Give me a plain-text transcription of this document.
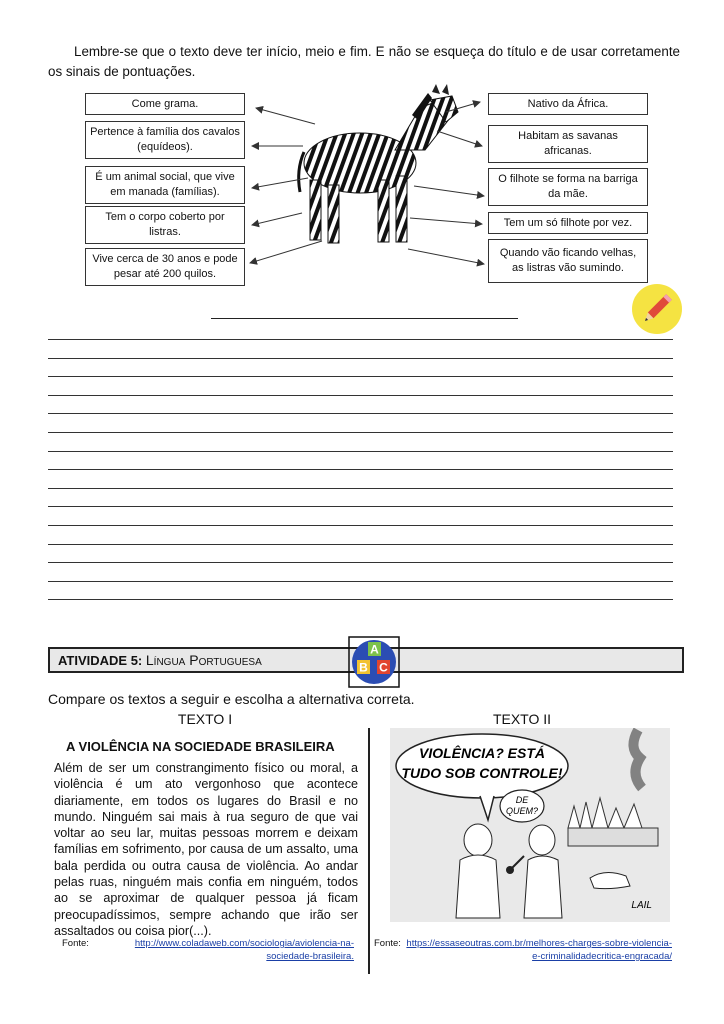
Lembre-se que o texto deve ter início, meio e fim. E não se esqueça do título e de usar corretamente os sinais de pontuações.
Come grama.
Pertence à família dos cavalos (equídeos).
É um animal social, que vive em manada (famílias).
Tem o corpo coberto por listras.
Vive cerca de 30 anos e pode pesar até 200 quilos.
Nativo da África.
Habitam as savanas africanas.
O filhote se forma na barriga da mãe.
Tem um só filhote por vez.
Quando vão ficando velhas, as listras vão sumindo.
ATIVIDADE 5: Língua Portuguesa
A
B C
Compare os textos a seguir e escolha a alternativa correta.
TEXTO I	TEXTO II
A VIOLÊNCIA NA SOCIEDADE BRASILEIRA
Além de ser um constrangimento físico ou moral, a violência é um ato vergonhoso que acontece diariamente, em todos os lugares do Brasil e no mundo. Ninguém sai mais à rua seguro de que vai voltar ao seu lar, muitas pessoas morrem e deixam famílias em sofrimento, por causa de um assalto, uma bala perdida ou outra causa de violência. Ao andar pelas ruas, ninguém mais confia em ninguém, todos ao se aproximar de qualquer pessoa já ficam preocupadíssimos, sempre achando que irão ser assaltados ou coisa pior(...).
Fonte:	http://www.coladaweb.com/sociologia/aviolencia-na-sociedade-brasileira.
VIOLÊNCIA? ESTÁ
TUDO SOB CONTROLE!
DE
QUEM?
LAIL
Fonte: https://essaseoutras.com.br/melhores-charges-sobre-violencia-e-criminalidadecritica-engracada/
